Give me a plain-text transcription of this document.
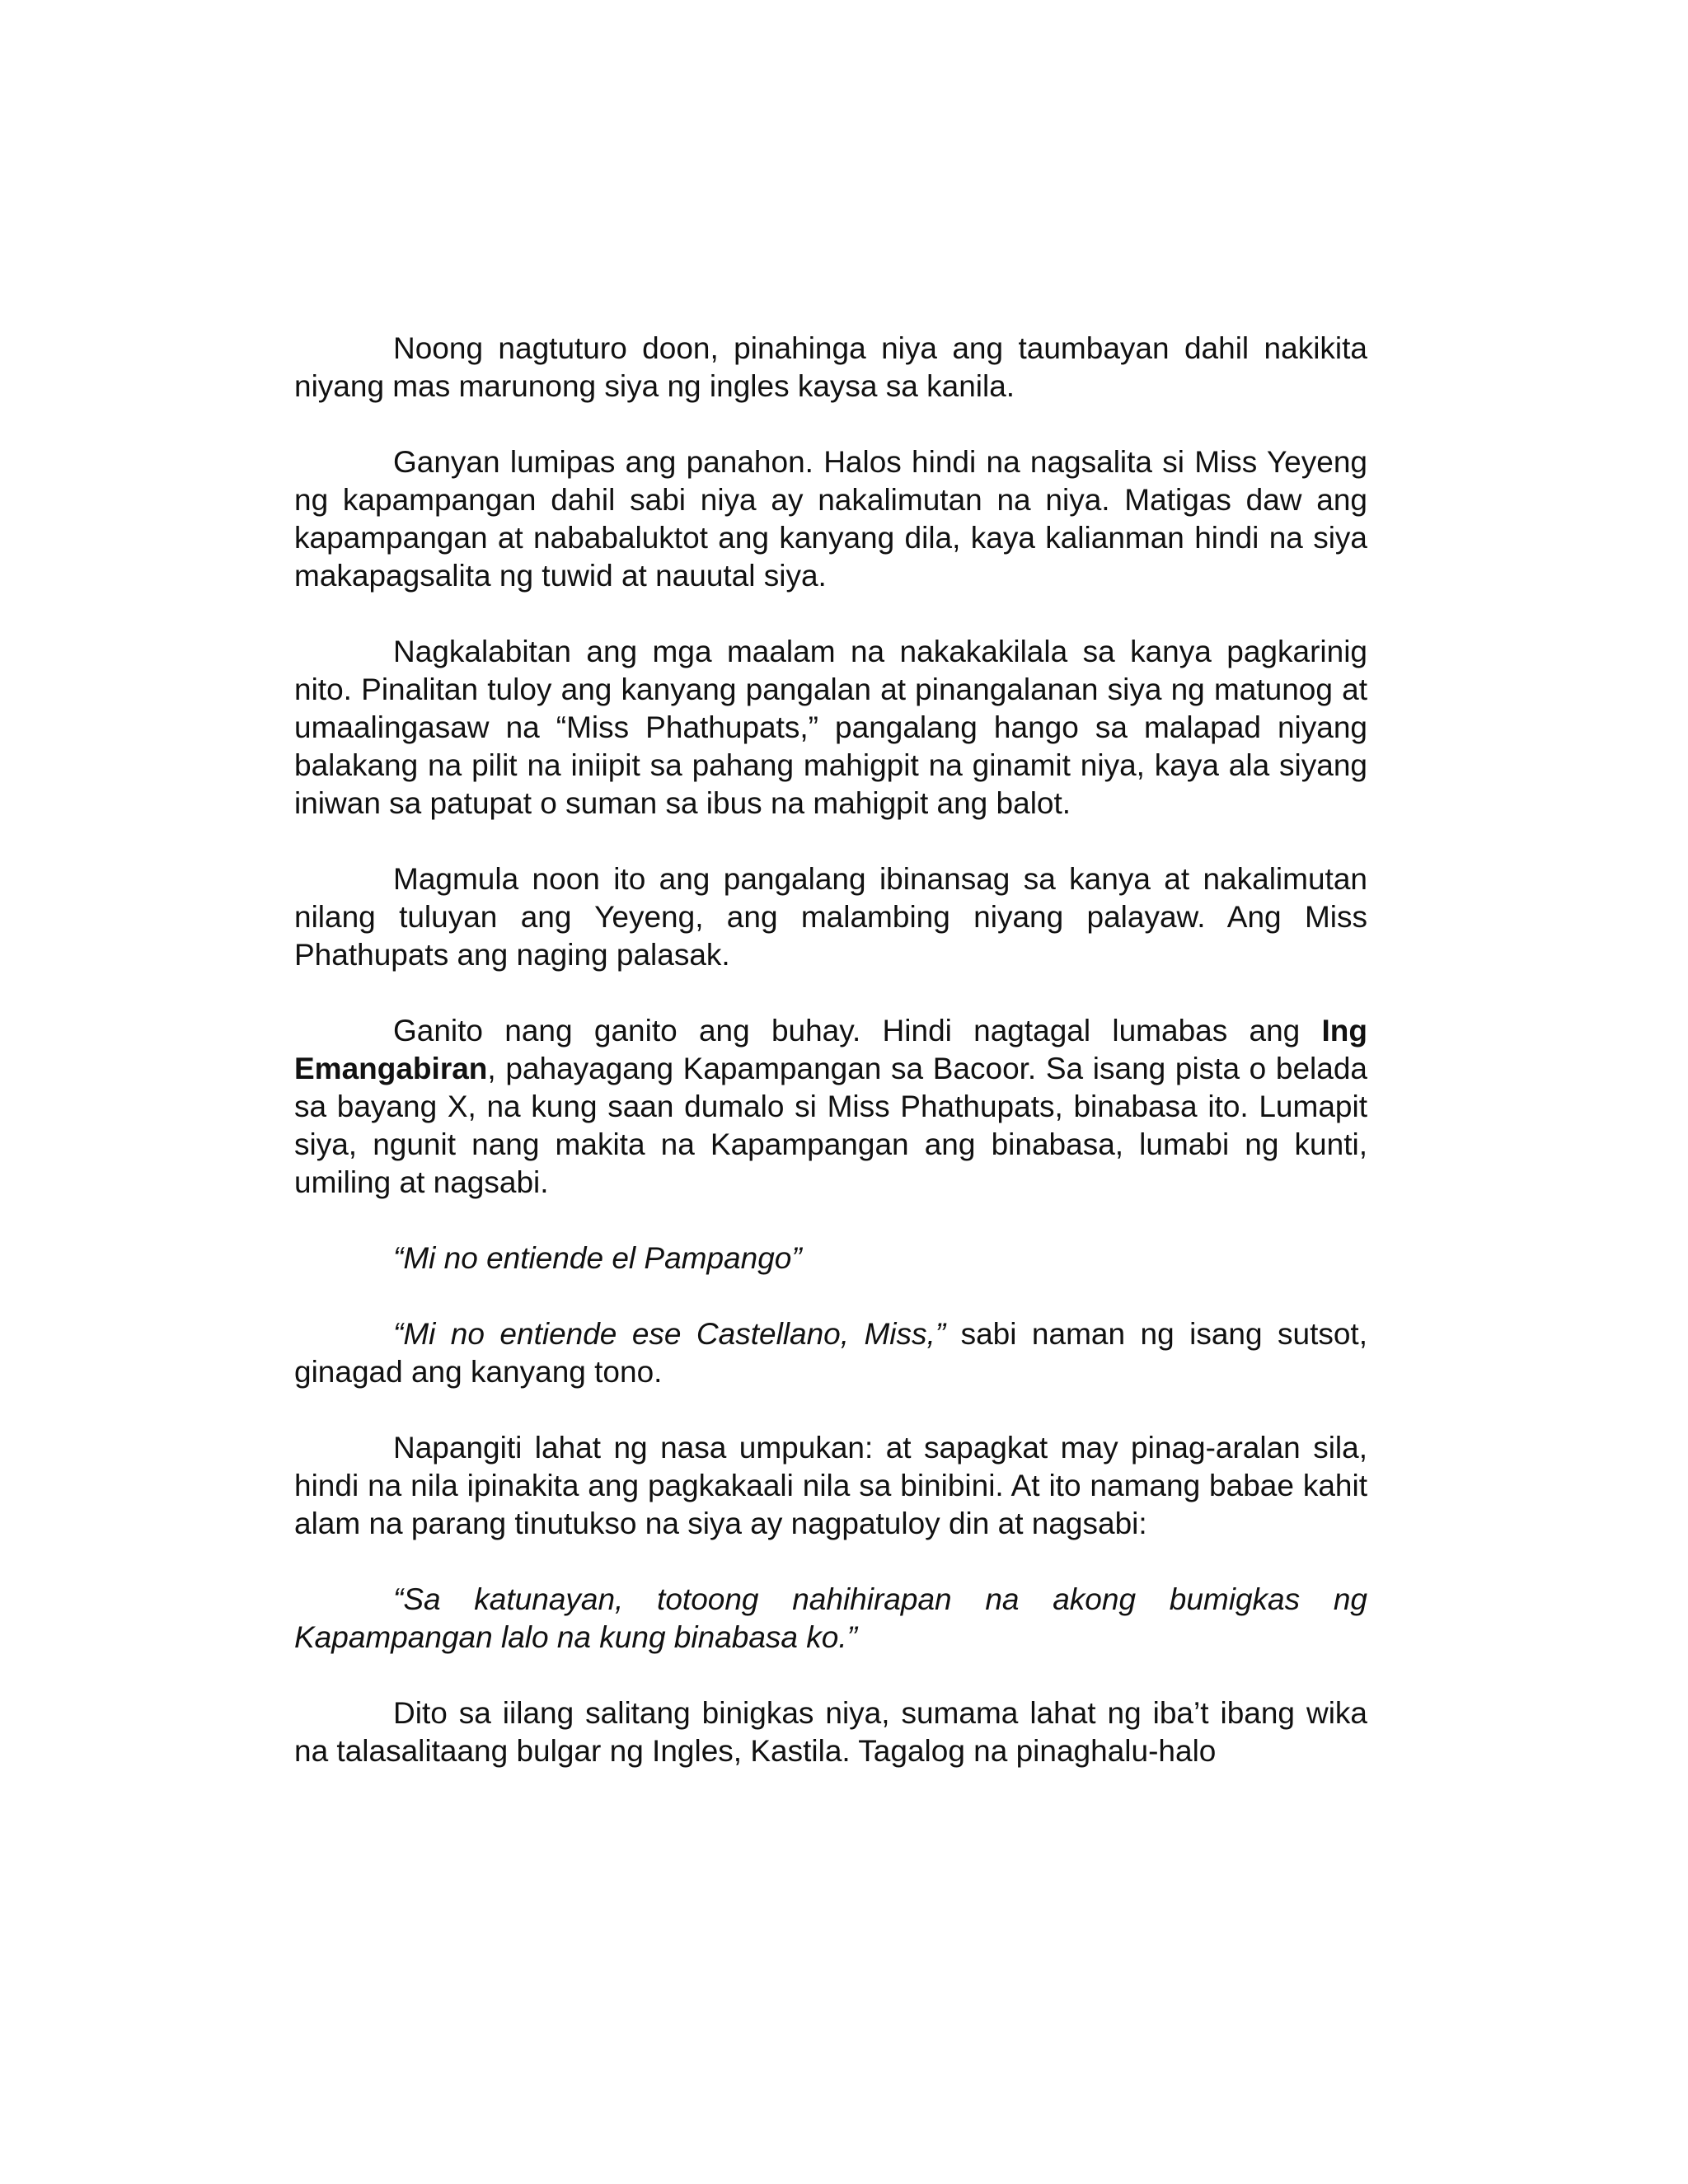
Noong nagtuturo doon, pinahinga niya ang taumbayan dahil nakikita niyang mas marunong siya ng ingles kaysa sa kanila.

Ganyan lumipas ang panahon. Halos hindi na nagsalita si Miss Yeyeng ng kapampangan dahil sabi niya ay nakalimutan na niya. Matigas daw ang kapampangan at nababaluktot ang kanyang dila, kaya kalianman hindi na siya makapagsalita ng tuwid at nauutal siya.

Nagkalabitan ang mga maalam na nakakakilala sa kanya pagkarinig nito. Pinalitan tuloy ang kanyang pangalan at pinangalanan siya ng matunog at umaalingasaw na “Miss Phathupats,” pangalang hango sa malapad niyang balakang na pilit na iniipit sa pahang mahigpit na ginamit niya, kaya ala siyang iniwan sa patupat o suman sa ibus na mahigpit ang balot.

Magmula noon ito ang pangalang ibinansag sa kanya at nakalimutan nilang tuluyan ang Yeyeng, ang malambing niyang palayaw. Ang Miss Phathupats ang naging palasak.

Ganito nang ganito ang buhay. Hindi nagtagal lumabas ang Ing Emangabiran, pahayagang Kapampangan sa Bacoor. Sa isang pista o belada sa bayang X, na kung saan dumalo si Miss Phathupats, binabasa ito. Lumapit siya, ngunit nang makita na Kapampangan ang binabasa, lumabi ng kunti, umiling at nagsabi.

“Mi no entiende el Pampango”

“Mi no entiende ese Castellano, Miss,” sabi naman ng isang sutsot, ginagad ang kanyang tono.

Napangiti lahat ng nasa umpukan: at sapagkat may pinag-aralan sila, hindi na nila ipinakita ang pagkakaali nila sa binibini. At ito namang babae kahit alam na parang tinutukso na siya ay nagpatuloy din at nagsabi:

“Sa katunayan, totoong nahihirapan na akong bumigkas ng Kapampangan lalo na kung binabasa ko.”

Dito sa iilang salitang binigkas niya, sumama lahat ng iba’t ibang wika na talasalitaang bulgar ng Ingles, Kastila. Tagalog na pinaghalu-halo
